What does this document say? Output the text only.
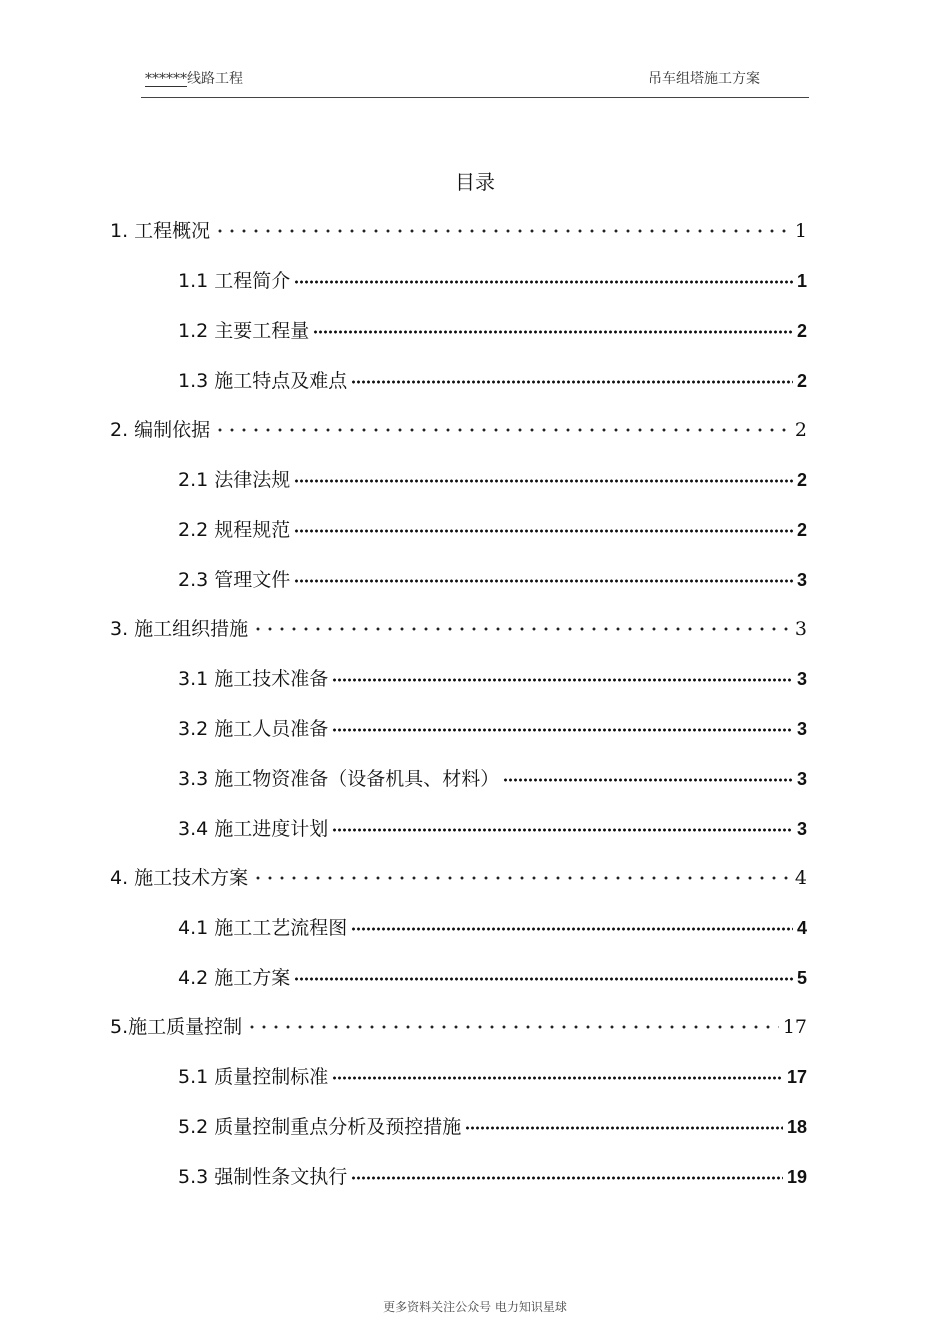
******线路工程	吊车组塔施工方案
目录
1. 工程概况	1
1.1 工程简介	1
1.2 主要工程量	2
1.3 施工特点及难点	2
2. 编制依据	2
2.1 法律法规	2
2.2 规程规范	2
2.3 管理文件	3
3. 施工组织措施	3
3.1 施工技术准备	3
3.2 施工人员准备	3
3.3 施工物资准备（设备机具、材料）	3
3.4 施工进度计划	3
4. 施工技术方案	4
4.1 施工工艺流程图	4
4.2 施工方案	5
5.施工质量控制	17
5.1 质量控制标准	17
5.2 质量控制重点分析及预控措施	18
5.3 强制性条文执行	19
更多资料关注公众号 电力知识星球
